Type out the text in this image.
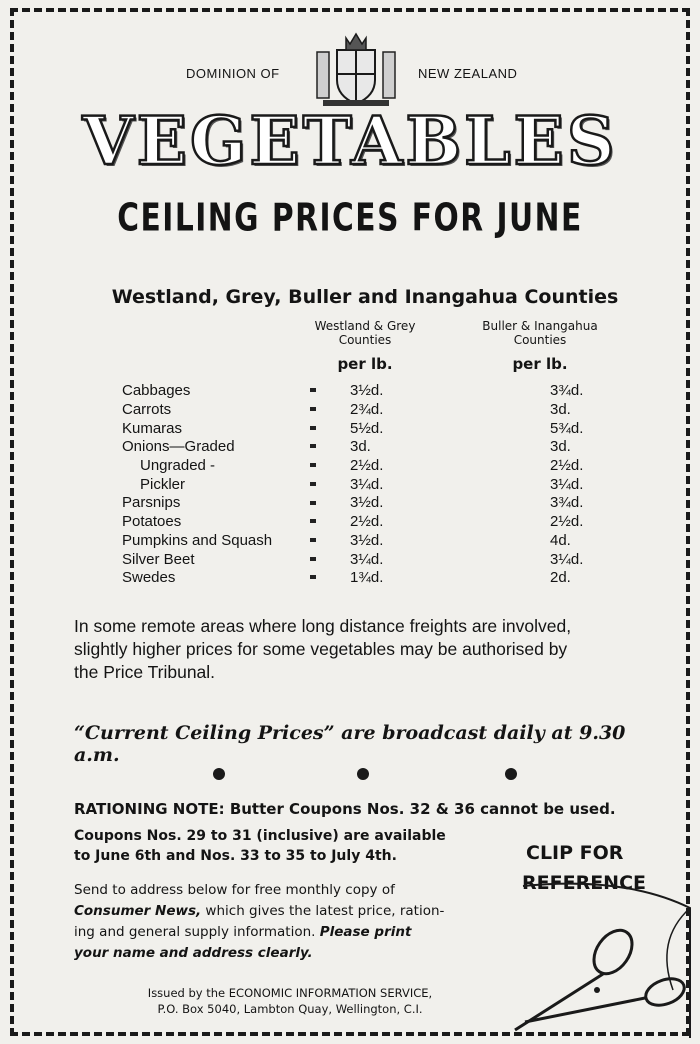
DOMINION OF	NEW ZEALAND

VEGETABLES
CEILING PRICES FOR JUNE

Westland, Grey, Buller and Inangahua Counties

Westland & Grey
Counties
Buller & Inangahua
Counties
per lb.	per lb.
Cabbages		3½d.	3¾d.
Carrots		2¾d.	3d.
Kumaras		5½d.	5¾d.
Onions—Graded		3d.	3d.
Ungraded -		2½d.	2½d.
Pickler		3¼d.	3¼d.
Parsnips		3½d.	3¾d.
Potatoes		2½d.	2½d.
Pumpkins and Squash		3½d.	4d.
Silver Beet		3¼d.	3¼d.
Swedes		1¾d.	2d.
In some remote areas where long distance freights are involved,
slightly higher prices for some vegetables may be authorised by
the Price Tribunal.

“Current Ceiling Prices” are broadcast daily at 9.30 a.m.

RATIONING NOTE: Butter Coupons Nos. 32 & 36 cannot be used.

Coupons Nos. 29 to 31 (inclusive) are available
to June 6th and Nos. 33 to 35 to July 4th.
Send to address below for free monthly copy of
Consumer News, which gives the latest price, ration-
ing and general supply information. Please print
your name and address clearly.
CLIP FOR
REFERENCE
Issued by the ECONOMIC INFORMATION SERVICE,
P.O. Box 5040, Lambton Quay, Wellington, C.I.
